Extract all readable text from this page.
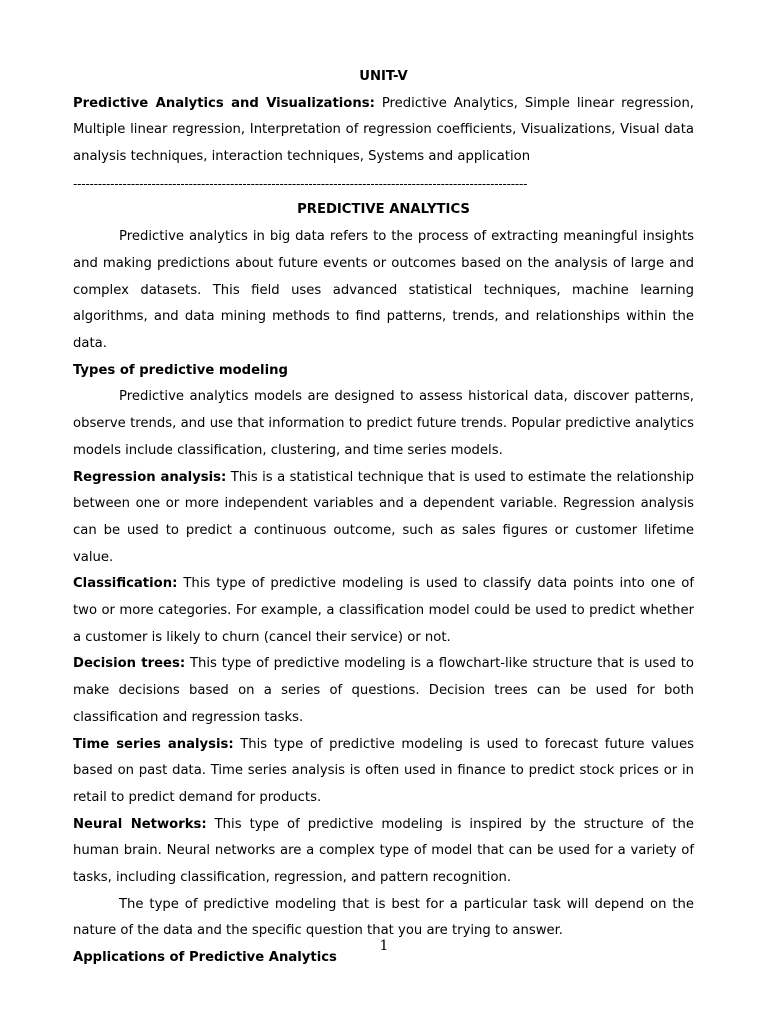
UNIT-V

Predictive Analytics and Visualizations: Predictive Analytics, Simple linear regression, Multiple linear regression, Interpretation of regression coefficients, Visualizations, Visual data analysis techniques, interaction techniques, Systems and application

--------------------------------------------------------------------------------------------------------------
PREDICTIVE ANALYTICS

Predictive analytics in big data refers to the process of extracting meaningful insights and making predictions about future events or outcomes based on the analysis of large and complex datasets. This field uses advanced statistical techniques, machine learning algorithms, and data mining methods to find patterns, trends, and relationships within the data.

Types of predictive modeling

Predictive analytics models are designed to assess historical data, discover patterns, observe trends, and use that information to predict future trends. Popular predictive analytics models include classification, clustering, and time series models.

Regression analysis: This is a statistical technique that is used to estimate the relationship between one or more independent variables and a dependent variable. Regression analysis can be used to predict a continuous outcome, such as sales figures or customer lifetime value.

Classification: This type of predictive modeling is used to classify data points into one of two or more categories. For example, a classification model could be used to predict whether a customer is likely to churn (cancel their service) or not.

Decision trees: This type of predictive modeling is a flowchart-like structure that is used to make decisions based on a series of questions. Decision trees can be used for both classification and regression tasks.

Time series analysis: This type of predictive modeling is used to forecast future values based on past data. Time series analysis is often used in finance to predict stock prices or in retail to predict demand for products.

Neural Networks: This type of predictive modeling is inspired by the structure of the human brain. Neural networks are a complex type of model that can be used for a variety of tasks, including classification, regression, and pattern recognition.

The type of predictive modeling that is best for a particular task will depend on the nature of the data and the specific question that you are trying to answer.

Applications of Predictive Analytics
1
